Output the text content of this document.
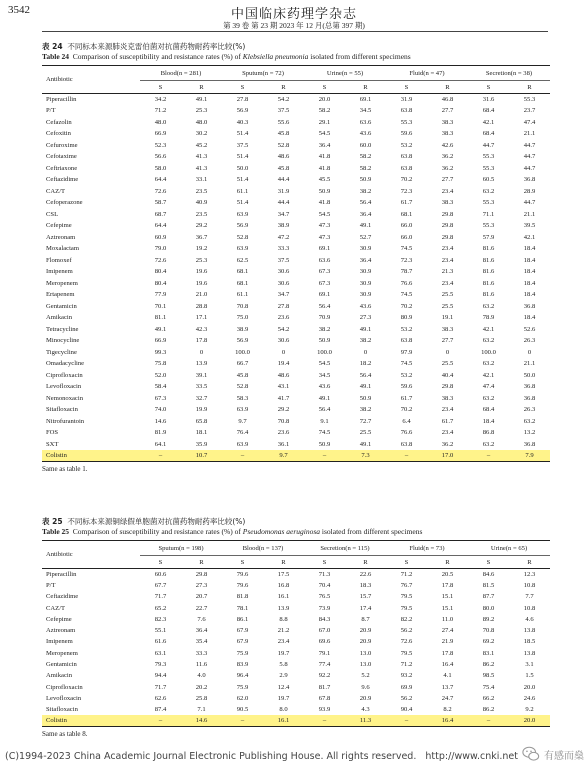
3542	中国临床药理学杂志
第 39 卷 第 23 期 2023 年 12 月(总第 397 期)
表 24 不同标本来源肺炎克雷伯菌对抗菌药物耐药率比较(%)
Table 24 Comparison of susceptibility and resistance rates (%) of Klebsiella pneumonia isolated from different specimens
Antibiotic	Blood(n = 281)		Sputum(n = 72)		Urine(n = 55)		Fluid(n = 47)		Secretion(n = 38)	
	S	R	S	R	S	R	S	R	S	R
Piperacillin	34.2	49.1	27.8	54.2	20.0	69.1	31.9	46.8	31.6	55.3
P/T	71.2	25.3	56.9	37.5	58.2	34.5	63.8	27.7	68.4	23.7
Cefazolin	48.0	48.0	40.3	55.6	29.1	63.6	55.3	38.3	42.1	47.4
Cefoxitin	66.9	30.2	51.4	45.8	54.5	43.6	59.6	38.3	68.4	21.1
Cefuroxime	52.3	45.2	37.5	52.8	36.4	60.0	53.2	42.6	44.7	44.7
Cefotaxime	56.6	41.3	51.4	48.6	41.8	58.2	63.8	36.2	55.3	44.7
Ceftriaxone	58.0	41.3	50.0	45.8	41.8	58.2	63.8	36.2	55.3	44.7
Ceftazidime	64.4	33.1	51.4	44.4	45.5	50.9	70.2	27.7	60.5	36.8
CAZ/T	72.6	23.5	61.1	31.9	50.9	38.2	72.3	23.4	63.2	28.9
Cefoperazone	58.7	40.9	51.4	44.4	41.8	56.4	61.7	38.3	55.3	44.7
CSL	68.7	23.5	63.9	34.7	54.5	36.4	68.1	29.8	71.1	21.1
Cefepime	64.4	29.2	56.9	38.9	47.3	49.1	66.0	29.8	55.3	39.5
Aztreonam	60.9	36.7	52.8	47.2	47.3	52.7	66.0	29.8	57.9	42.1
Moxalactam	79.0	19.2	63.9	33.3	69.1	30.9	74.5	23.4	81.6	18.4
Flomoxef	72.6	25.3	62.5	37.5	63.6	36.4	72.3	23.4	81.6	18.4
Imipenem	80.4	19.6	68.1	30.6	67.3	30.9	78.7	21.3	81.6	18.4
Meropenem	80.4	19.6	68.1	30.6	67.3	30.9	76.6	23.4	81.6	18.4
Ertapenem	77.9	21.0	61.1	34.7	69.1	30.9	74.5	25.5	81.6	18.4
Gentamicin	70.1	28.8	70.8	27.8	56.4	43.6	70.2	25.5	63.2	36.8
Amikacin	81.1	17.1	75.0	23.6	70.9	27.3	80.9	19.1	78.9	18.4
Tetracycline	49.1	42.3	38.9	54.2	38.2	49.1	53.2	38.3	42.1	52.6
Minocycline	66.9	17.8	56.9	30.6	50.9	38.2	63.8	27.7	63.2	26.3
Tigecycline	99.3	0	100.0	0	100.0	0	97.9	0	100.0	0
Omadacycline	75.8	13.9	66.7	19.4	54.5	18.2	74.5	25.5	63.2	21.1
Ciprofloxacin	52.0	39.1	45.8	48.6	34.5	56.4	53.2	40.4	42.1	50.0
Levofloxacin	58.4	33.5	52.8	43.1	43.6	49.1	59.6	29.8	47.4	36.8
Nemonoxacin	67.3	32.7	58.3	41.7	49.1	50.9	61.7	38.3	63.2	36.8
Sitafloxacin	74.0	19.9	63.9	29.2	56.4	38.2	70.2	23.4	68.4	26.3
Nitrofurantoin	14.6	65.8	9.7	70.8	9.1	72.7	6.4	61.7	18.4	63.2
FOS	81.9	18.1	76.4	23.6	74.5	25.5	76.6	23.4	86.8	13.2
SXT	64.1	35.9	63.9	36.1	50.9	49.1	63.8	36.2	63.2	36.8
Colistin	–	10.7	–	9.7	–	7.3	–	17.0	–	7.9
Same as table 1.
表 25 不同标本来源铜绿假单胞菌对抗菌药物耐药率比较(%)
Table 25 Comparison of susceptibility and resistance rates (%) of Pseudomonas aeruginosa isolated from different specimens
Antibiotic	Sputum(n = 198)		Blood(n = 137)		Secretion(n = 115)		Fluid(n = 73)		Urine(n = 65)	
	S	R	S	R	S	R	S	R	S	R
Piperacillin	60.6	29.8	79.6	17.5	71.3	22.6	71.2	20.5	84.6	12.3
P/T	67.7	27.3	79.6	16.8	70.4	18.3	76.7	17.8	81.5	10.8
Ceftazidime	71.7	20.7	81.8	16.1	76.5	15.7	79.5	15.1	87.7	7.7
CAZ/T	65.2	22.7	78.1	13.9	73.9	17.4	79.5	15.1	80.0	10.8
Cefepime	82.3	7.6	86.1	8.8	84.3	8.7	82.2	11.0	89.2	4.6
Aztreonam	55.1	36.4	67.9	21.2	67.0	20.9	56.2	27.4	70.8	13.8
Imipenem	61.6	35.4	67.9	23.4	69.6	20.9	72.6	21.9	69.2	18.5
Meropenem	63.1	33.3	75.9	19.7	79.1	13.0	79.5	17.8	83.1	13.8
Gentamicin	79.3	11.6	83.9	5.8	77.4	13.0	71.2	16.4	86.2	3.1
Amikacin	94.4	4.0	96.4	2.9	92.2	5.2	93.2	4.1	98.5	1.5
Ciprofloxacin	71.7	20.2	75.9	12.4	81.7	9.6	69.9	13.7	75.4	20.0
Levofloxacin	62.6	25.8	62.0	19.7	67.8	20.9	56.2	24.7	66.2	24.6
Sitafloxacin	87.4	7.1	90.5	8.0	93.9	4.3	90.4	8.2	86.2	9.2
Colistin	–	14.6	–	16.1	–	11.3	–	16.4	–	20.0
Same as table 8.
(C)1994-2023 China Academic Journal Electronic Publishing House. All rights reserved. http://www.cnki.net	有感而燊
